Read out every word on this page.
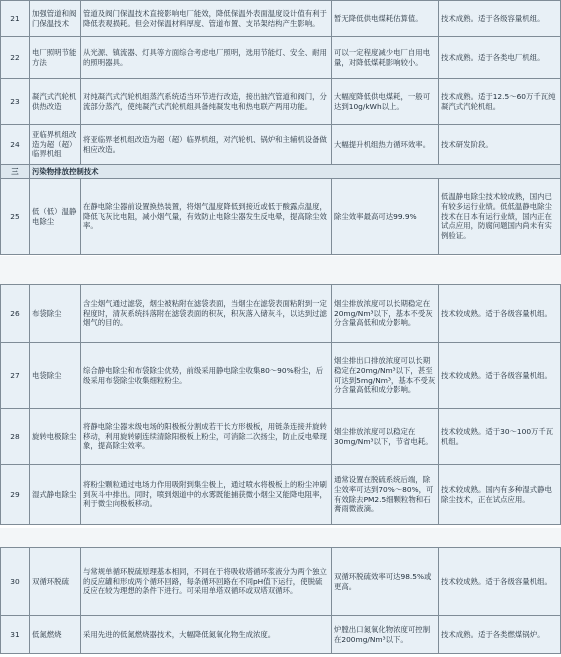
21	加强管道和阀门保温技术	管道及阀门保温技术直接影响电厂能效，降低保温外表面温度设计值有利于降低表观损耗。但会对保温材料厚度、管道布置、支吊架结构产生影响。	暂无降低供电煤耗估算值。	技术成熟。适于各级容量机组。
22	电厂照明节能方法	从光源、镇流器、灯具等方面综合考虑电厂照明，选用节能灯、安全、耐用的照明器具。	可以一定程度减少电厂自用电量，对降低煤耗影响较小。	技术成熟。适于各类电厂机组。
23	凝汽式汽轮机供热改造	对纯凝汽式汽轮机组蒸汽系统适当环节进行改造，接出抽汽管道和阀门，分流部分蒸汽，使纯凝汽式汽轮机组具备纯凝发电和热电联产两用功能。	大幅度降低供电煤耗，一般可达到10g/kWh以上。	技术成熟。适于12.5～60万千瓦纯凝汽式汽轮机组。
24	亚临界机组改造为超（超）临界机组	将亚临界老机组改造为超（超）临界机组，对汽轮机、锅炉和主辅机设备做相应改造。	大幅提升机组热力循环效率。	技术研发阶段。
三	污染物排放控制技术			
25	低（低）温静电除尘	在静电除尘器前设置换热装置，将烟气温度降低到接近或低于酸露点温度，降低飞灰比电阻，减小烟气量，有效防止电除尘器发生反电晕，提高除尘效率。	除尘效率最高可达99.9%	低温静电除尘技术较成熟，国内已有较多运行业绩。低低温静电除尘技术在日本有运行业绩，国内正在试点应用，防腐问题国内尚未有实例验证。
26	布袋除尘	含尘烟气通过滤袋，烟尘被粘附在滤袋表面，当烟尘在滤袋表面粘附到一定程度时，清灰系统抖落附在滤袋表面的积灰，积灰落入储灰斗，以达到过滤烟气的目的。	烟尘排放浓度可以长期稳定在20mg/Nm³以下，基本不受灰分含量高低和成分影响。	技术较成熟。适于各级容量机组。
27	电袋除尘	综合静电除尘和布袋除尘优势，前级采用静电除尘收集80～90%粉尘，后级采用布袋除尘收集细粒粉尘。	烟尘排出口排放浓度可以长期稳定在20mg/Nm³以下，甚至可达到5mg/Nm³，基本不受灰分含量高低和成分影响。	技术较成熟。适于各级容量机组。
28	旋转电极除尘	将静电除尘器末级电场的阳极板分割成若干长方形极板，用链条连接并旋转移动，利用旋转刷连续清除阳极板上粉尘，可消除二次扬尘，防止反电晕现象，提高除尘效率。	烟尘排放浓度可以稳定在30mg/Nm³以下，节省电耗。	技术较成熟。适于30～100万千瓦机组。
29	湿式静电除尘	将粉尘颗粒通过电场力作用吸附到集尘极上，通过喷水将极板上的粉尘冲刷到灰斗中排出。同时，喷到烟道中的水雾既能捕获微小烟尘又能降电阻率，利于微尘向极板移动。	通常设置在脱硫系统后端，除尘效率可达到70%～80%，可有效除去PM2.5细颗粒物和石膏雨微液滴。	技术较成熟。国内有多种湿式静电除尘技术，正在试点应用。
30	双循环脱硫	与常规单循环脱硫原理基本相同，不同在于将吸收塔循环浆液分为两个独立的反应罐和形成两个循环回路，每条循环回路在不同pH值下运行，使脱硫反应在较为理想的条件下进行。可采用单塔双循环或双塔双循环。	双循环脱硫效率可达98.5%或更高。	技术较成熟。适于各级容量机组。
31	低氮燃烧	采用先进的低氮燃烧器技术，大幅降低氮氧化物生成浓度。	炉膛出口氮氧化物浓度可控制在200mg/Nm³以下。	技术成熟。适于各类燃煤锅炉。
